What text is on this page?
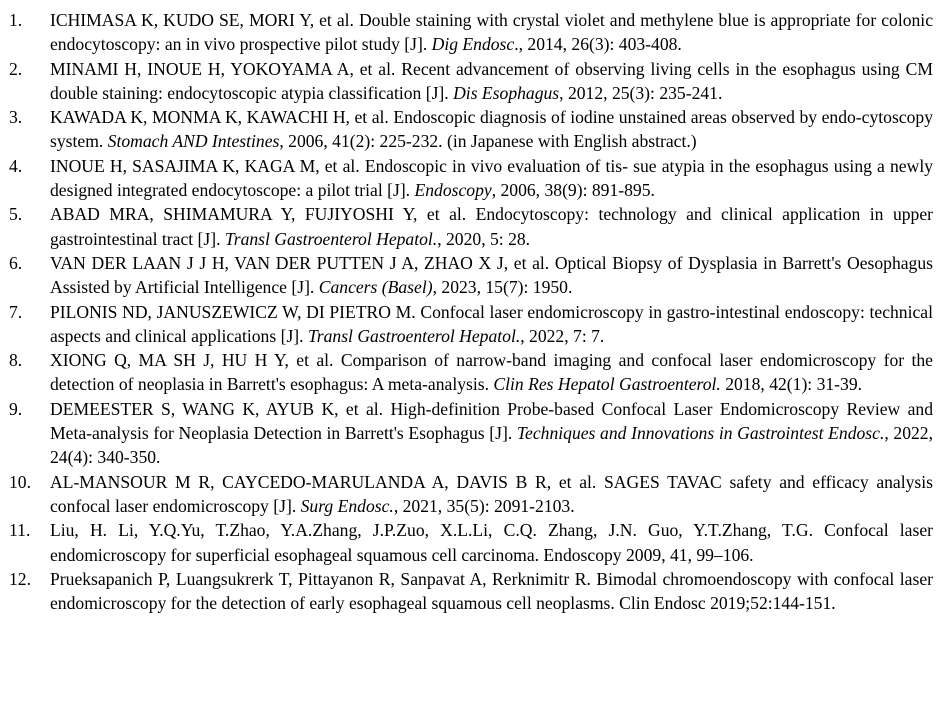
1. ICHIMASA K, KUDO SE, MORI Y, et al. Double staining with crystal violet and methylene blue is appropriate for colonic endocytoscopy: an in vivo prospective pilot study [J]. Dig Endosc., 2014, 26(3): 403-408.
2. MINAMI H, INOUE H, YOKOYAMA A, et al. Recent advancement of observing living cells in the esophagus using CM double staining: endocytoscopic atypia classification [J]. Dis Esophagus, 2012, 25(3): 235-241.
3. KAWADA K, MONMA K, KAWACHI H, et al. Endoscopic diagnosis of iodine unstained areas observed by endo-cytoscopy system. Stomach AND Intestines, 2006, 41(2): 225-232. (in Japanese with English abstract.)
4. INOUE H, SASAJIMA K, KAGA M, et al. Endoscopic in vivo evaluation of tis- sue atypia in the esophagus using a newly designed integrated endocytoscope: a pilot trial [J]. Endoscopy, 2006, 38(9): 891-895.
5. ABAD MRA, SHIMAMURA Y, FUJIYOSHI Y, et al. Endocytoscopy: technology and clinical application in upper gastrointestinal tract [J]. Transl Gastroenterol Hepatol., 2020, 5: 28.
6. VAN DER LAAN J J H, VAN DER PUTTEN J A, ZHAO X J, et al. Optical Biopsy of Dysplasia in Barrett's Oesophagus Assisted by Artificial Intelligence [J]. Cancers (Basel), 2023, 15(7): 1950.
7. PILONIS ND, JANUSZEWICZ W, DI PIETRO M. Confocal laser endomicroscopy in gastro-intestinal endoscopy: technical aspects and clinical applications [J]. Transl Gastroenterol Hepatol., 2022, 7: 7.
8. XIONG Q, MA SH J, HU H Y, et al. Comparison of narrow-band imaging and confocal laser endomicroscopy for the detection of neoplasia in Barrett's esophagus: A meta-analysis. Clin Res Hepatol Gastroenterol. 2018, 42(1): 31-39.
9. DEMEESTER S, WANG K, AYUB K, et al. High-definition Probe-based Confocal Laser Endomicroscopy Review and Meta-analysis for Neoplasia Detection in Barrett's Esophagus [J]. Techniques and Innovations in Gastrointest Endosc., 2022, 24(4): 340-350.
10. AL-MANSOUR M R, CAYCEDO-MARULANDA A, DAVIS B R, et al. SAGES TAVAC safety and efficacy analysis confocal laser endomicroscopy [J]. Surg Endosc., 2021, 35(5): 2091-2103.
11. Liu, H. Li, Y.Q.Yu, T.Zhao, Y.A.Zhang, J.P.Zuo, X.L.Li, C.Q. Zhang, J.N. Guo, Y.T.Zhang, T.G. Confocal laser endomicroscopy for superficial esophageal squamous cell carcinoma. Endoscopy 2009, 41, 99–106.
12. Prueksapanich P, Luangsukrerk T, Pittayanon R, Sanpavat A, Rerknimitr R. Bimodal chromoendoscopy with confocal laser endomicroscopy for the detection of early esophageal squamous cell neoplasms. Clin Endosc 2019;52:144-151.
